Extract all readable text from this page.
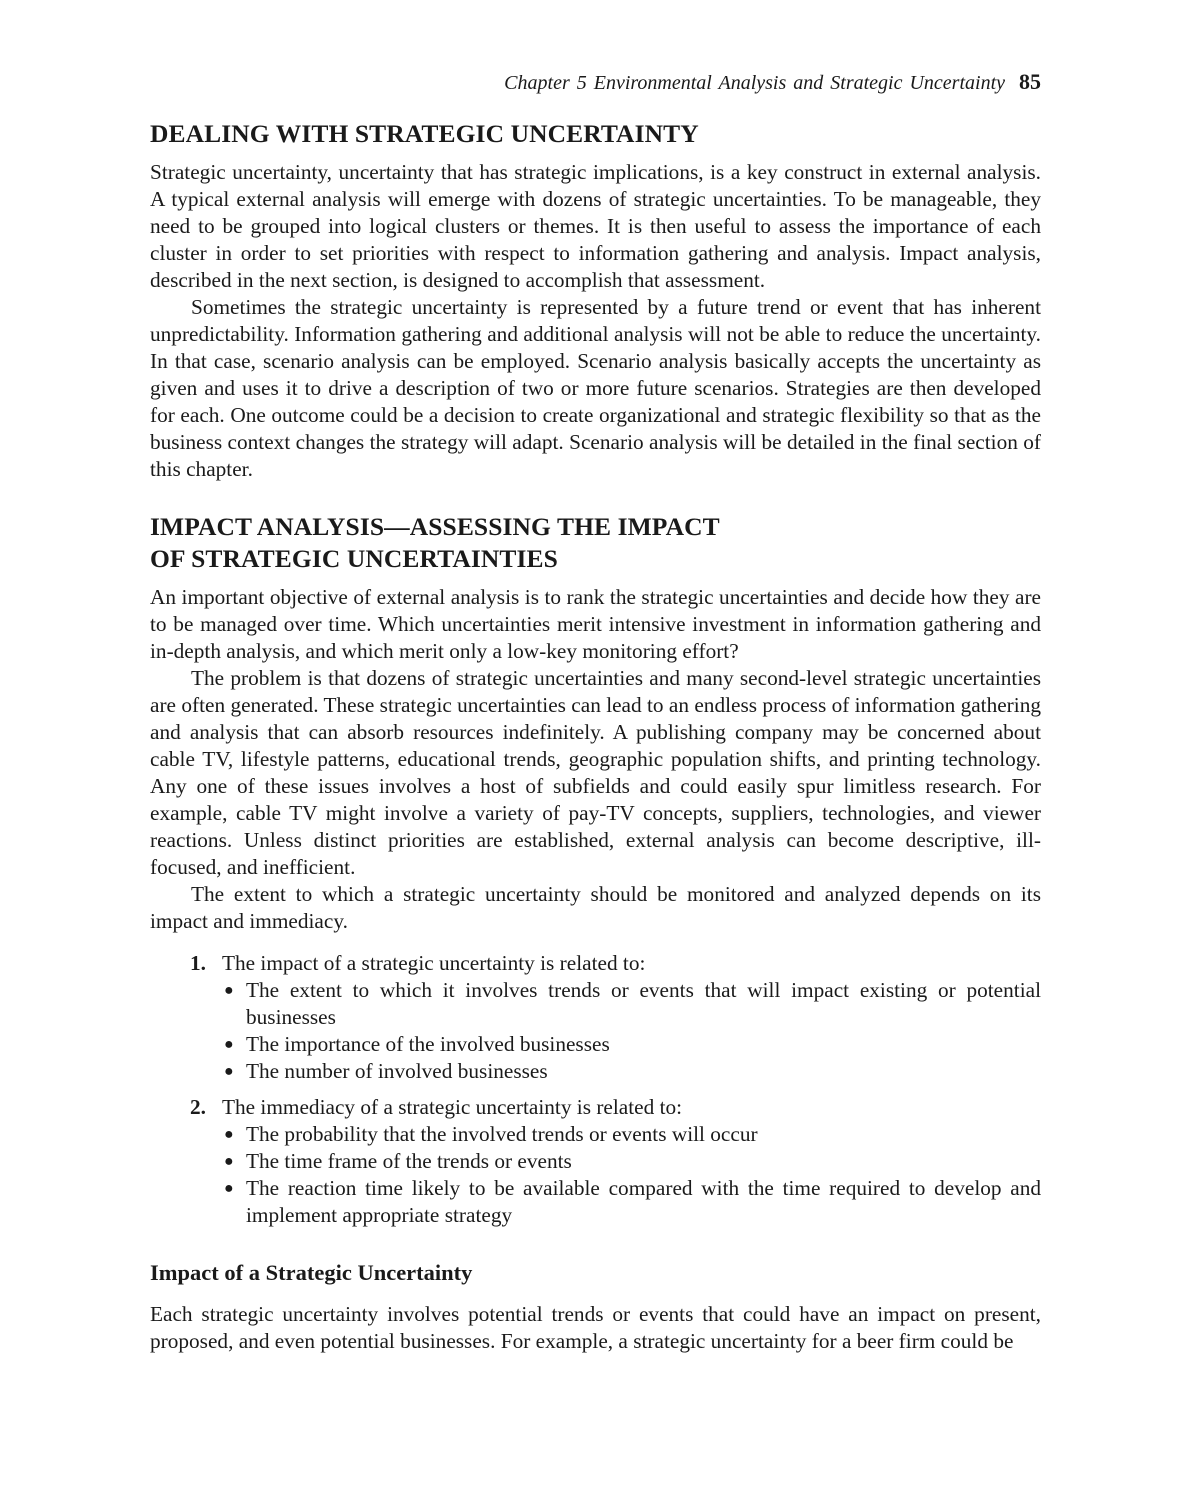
Chapter 5 Environmental Analysis and Strategic Uncertainty 85
DEALING WITH STRATEGIC UNCERTAINTY

Strategic uncertainty, uncertainty that has strategic implications, is a key construct in external analysis. A typical external analysis will emerge with dozens of strategic uncertainties. To be manageable, they need to be grouped into logical clusters or themes. It is then useful to assess the importance of each cluster in order to set priorities with respect to information gathering and analysis. Impact analysis, described in the next section, is designed to accomplish that assessment.

Sometimes the strategic uncertainty is represented by a future trend or event that has inherent unpredictability. Information gathering and additional analysis will not be able to reduce the uncertainty. In that case, scenario analysis can be employed. Scenario analysis basically accepts the uncertainty as given and uses it to drive a description of two or more future scenarios. Strategies are then developed for each. One outcome could be a decision to create organizational and strategic flexibility so that as the business context changes the strategy will adapt. Scenario analysis will be detailed in the final section of this chapter.

IMPACT ANALYSIS—ASSESSING THE IMPACT
OF STRATEGIC UNCERTAINTIES

An important objective of external analysis is to rank the strategic uncertainties and decide how they are to be managed over time. Which uncertainties merit intensive investment in information gathering and in-depth analysis, and which merit only a low-key monitoring effort?

The problem is that dozens of strategic uncertainties and many second-level strategic uncertainties are often generated. These strategic uncertainties can lead to an endless process of information gathering and analysis that can absorb resources indefinitely. A publishing company may be concerned about cable TV, lifestyle patterns, educational trends, geographic population shifts, and printing technology. Any one of these issues involves a host of subfields and could easily spur limitless research. For example, cable TV might involve a variety of pay-TV concepts, suppliers, technologies, and viewer reactions. Unless distinct priorities are established, external analysis can become descriptive, ill-focused, and inefficient.

The extent to which a strategic uncertainty should be monitored and analyzed depends on its impact and immediacy.

1. The impact of a strategic uncertainty is related to:
● The extent to which it involves trends or events that will impact existing or potential businesses
● The importance of the involved businesses
● The number of involved businesses
2. The immediacy of a strategic uncertainty is related to:
● The probability that the involved trends or events will occur
● The time frame of the trends or events
● The reaction time likely to be available compared with the time required to develop and implement appropriate strategy
Impact of a Strategic Uncertainty

Each strategic uncertainty involves potential trends or events that could have an impact on present, proposed, and even potential businesses. For example, a strategic uncertainty for a beer firm could be
